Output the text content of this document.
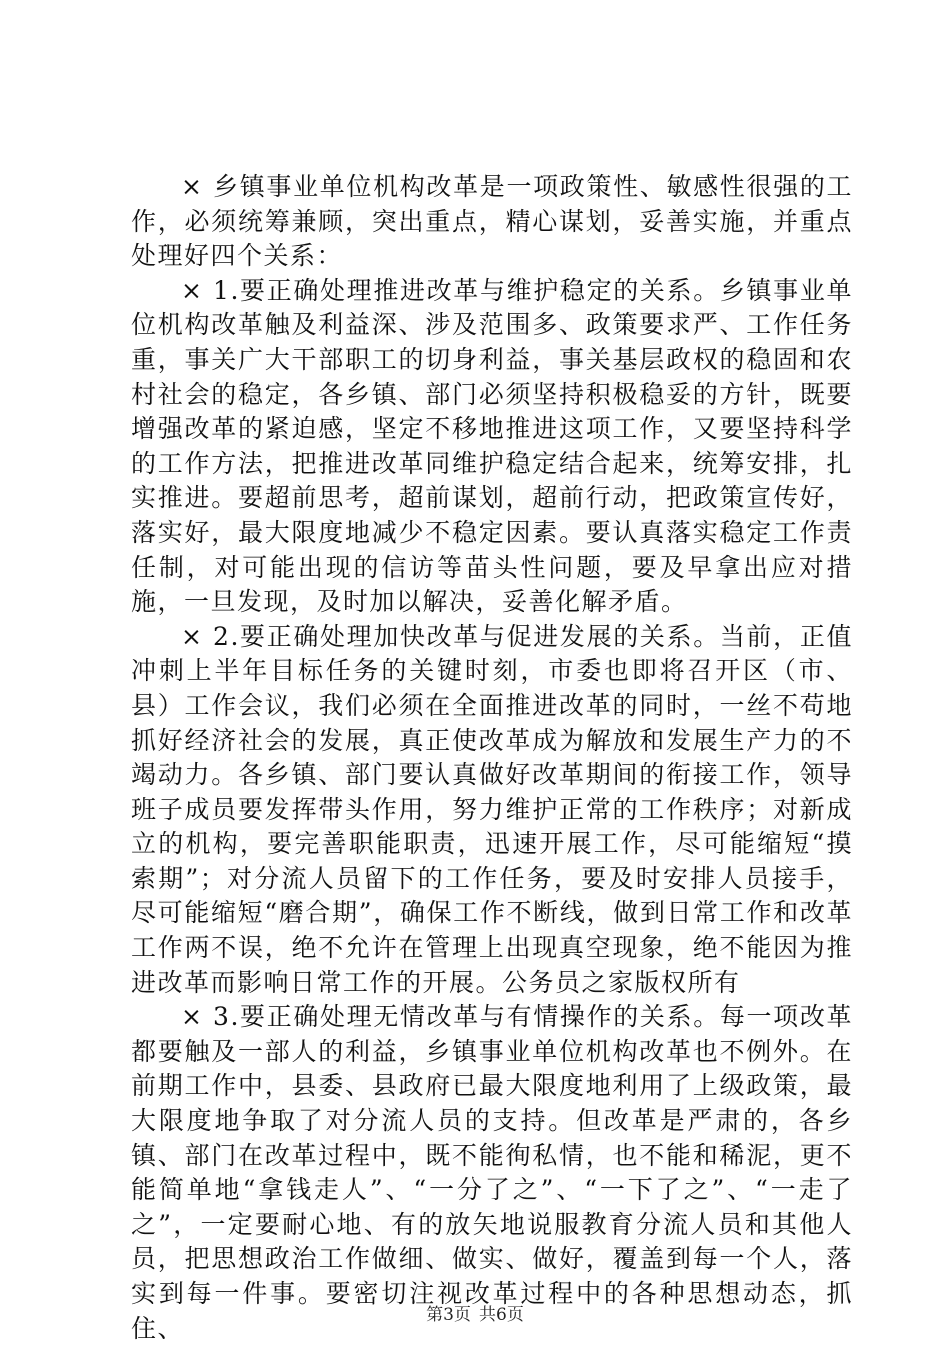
× 乡镇事业单位机构改革是一项政策性、敏感性很强的工作，必须统筹兼顾，突出重点，精心谋划，妥善实施，并重点处理好四个关系：

× 1.要正确处理推进改革与维护稳定的关系。乡镇事业单位机构改革触及利益深、涉及范围多、政策要求严、工作任务重，事关广大干部职工的切身利益，事关基层政权的稳固和农村社会的稳定，各乡镇、部门必须坚持积极稳妥的方针，既要增强改革的紧迫感，坚定不移地推进这项工作，又要坚持科学的工作方法，把推进改革同维护稳定结合起来，统筹安排，扎实推进。要超前思考，超前谋划，超前行动，把政策宣传好，落实好，最大限度地减少不稳定因素。要认真落实稳定工作责任制，对可能出现的信访等苗头性问题，要及早拿出应对措施，一旦发现，及时加以解决，妥善化解矛盾。

× 2.要正确处理加快改革与促进发展的关系。当前，正值冲刺上半年目标任务的关键时刻，市委也即将召开区（市、县）工作会议，我们必须在全面推进改革的同时，一丝不苟地抓好经济社会的发展，真正使改革成为解放和发展生产力的不竭动力。各乡镇、部门要认真做好改革期间的衔接工作，领导班子成员要发挥带头作用，努力维护正常的工作秩序；对新成立的机构，要完善职能职责，迅速开展工作，尽可能缩短“摸索期”；对分流人员留下的工作任务，要及时安排人员接手，尽可能缩短“磨合期”，确保工作不断线，做到日常工作和改革工作两不误，绝不允许在管理上出现真空现象，绝不能因为推进改革而影响日常工作的开展。公务员之家版权所有

× 3.要正确处理无情改革与有情操作的关系。每一项改革都要触及一部人的利益，乡镇事业单位机构改革也不例外。在前期工作中，县委、县政府已最大限度地利用了上级政策，最大限度地争取了对分流人员的支持。但改革是严肃的，各乡镇、部门在改革过程中，既不能徇私情，也不能和稀泥，更不能简单地“拿钱走人”、“一分了之”、“一下了之”、“一走了之”，一定要耐心地、有的放矢地说服教育分流人员和其他人员，把思想政治工作做细、做实、做好，覆盖到每一个人，落实到每一件事。要密切注视改革过程中的各种思想动态，抓住、	第3页 共6页
